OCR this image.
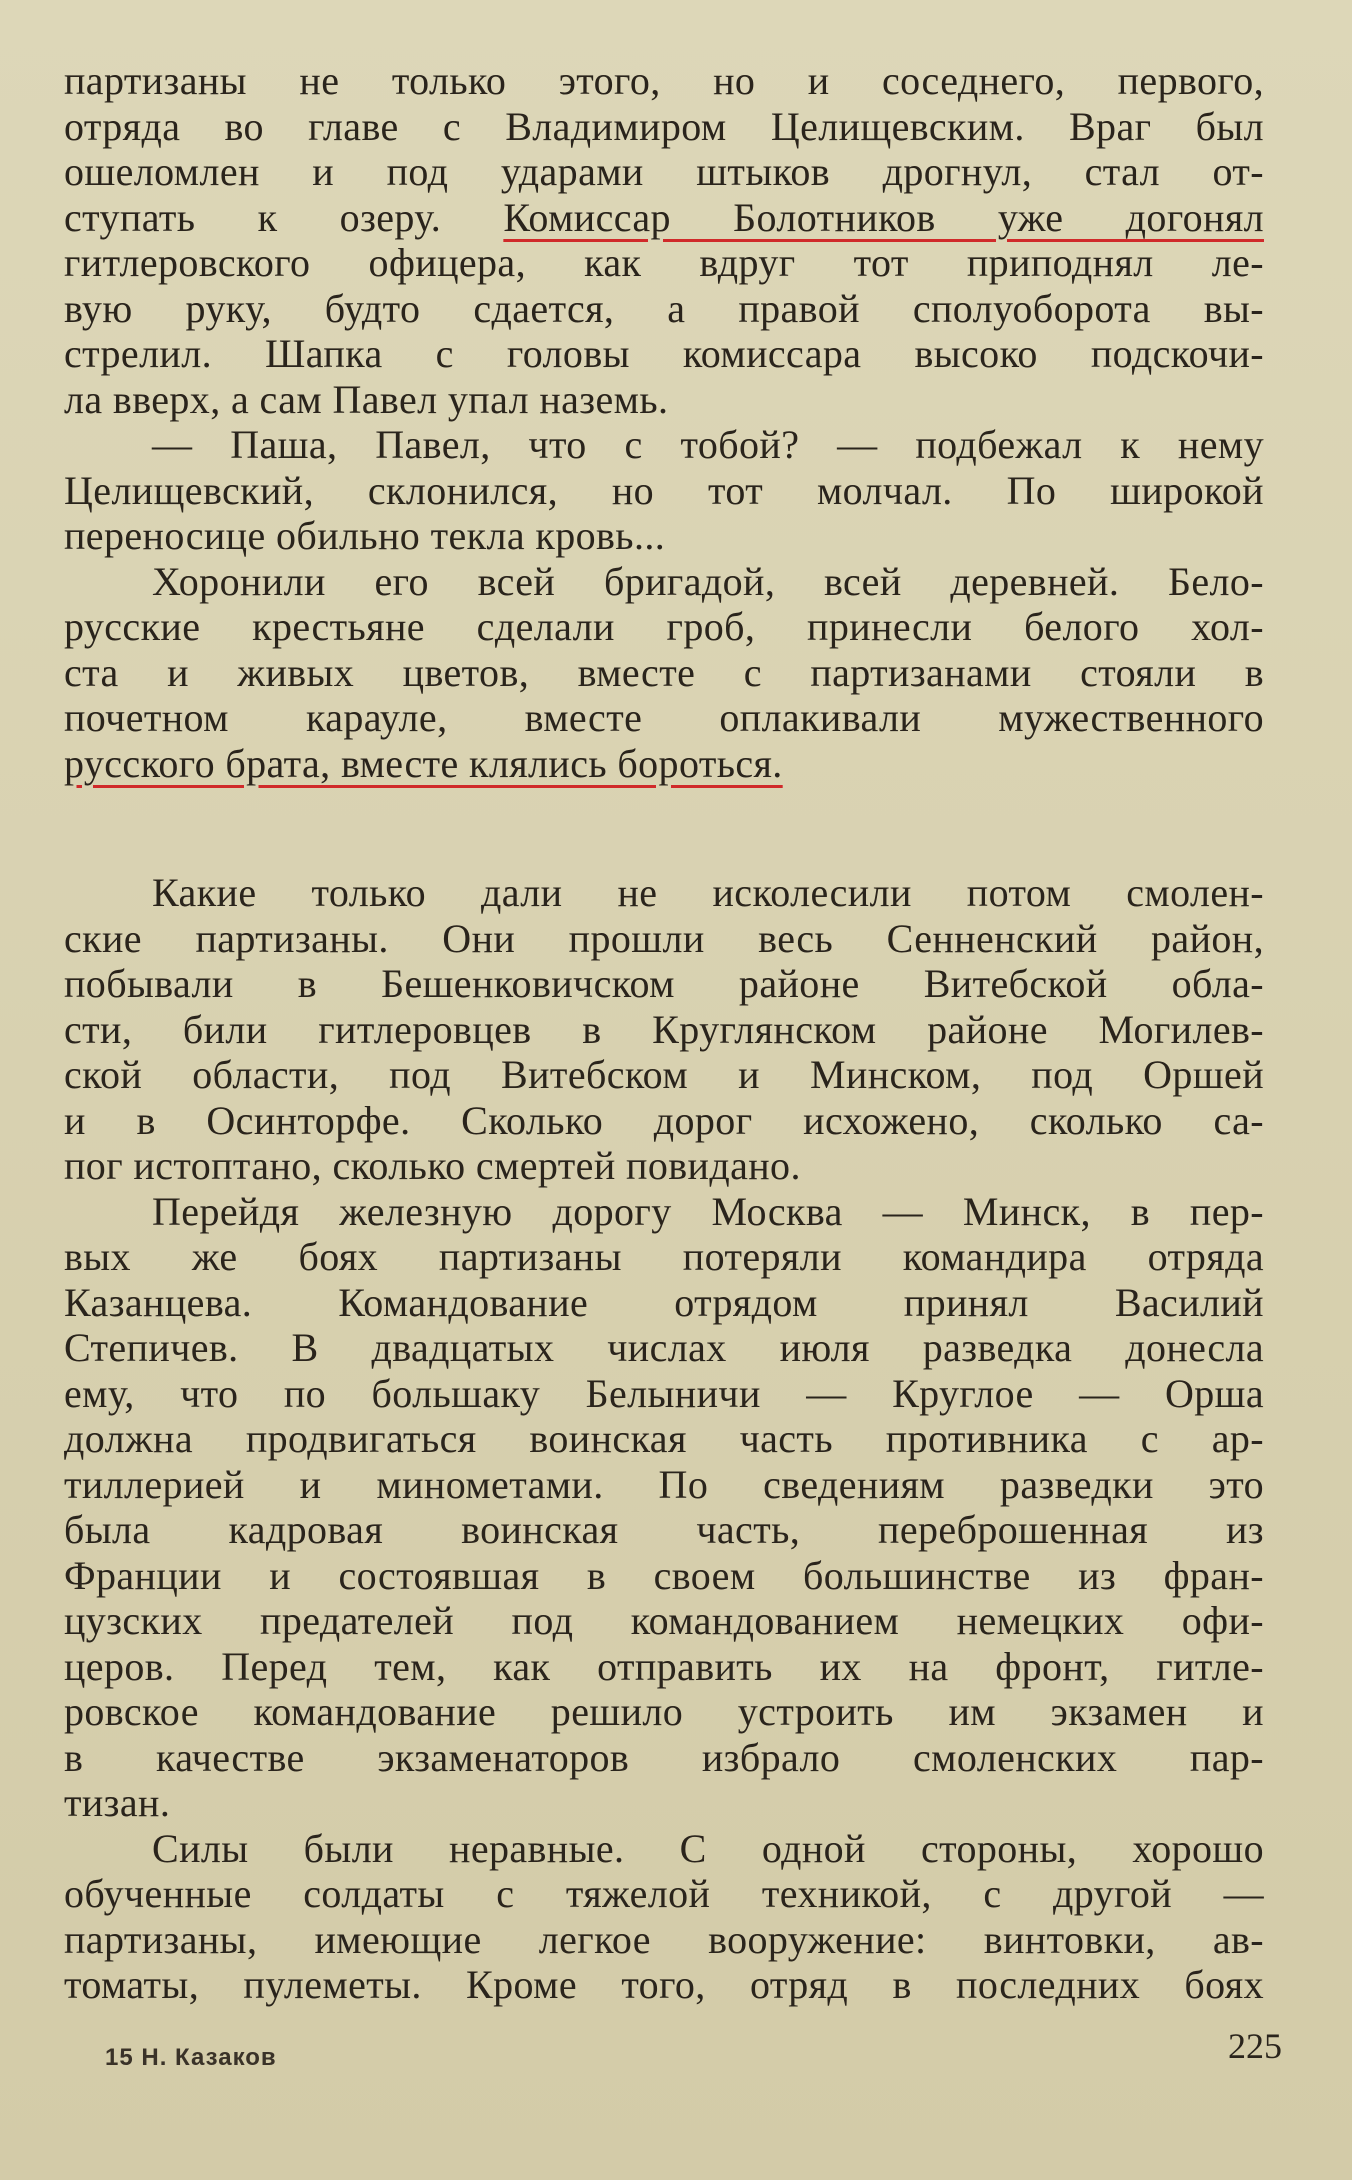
партизаны не только этого, но и соседнего, первого,
отряда во главе с Владимиром Целищевским. Враг был
ошеломлен и под ударами штыков дрогнул, стал от-
ступать к озеру. Комиссар Болотников уже догонял
гитлеровского офицера, как вдруг тот приподнял ле-
вую руку, будто сдается, а правой сполуоборота вы-
стрелил. Шапка с головы комиссара высоко подскочи-
ла вверх, а сам Павел упал наземь.
— Паша, Павел, что с тобой? — подбежал к нему
Целищевский, склонился, но тот молчал. По широкой
переносице обильно текла кровь...
Хоронили его всей бригадой, всей деревней. Бело-
русские крестьяне сделали гроб, принесли белого хол-
ста и живых цветов, вместе с партизанами стояли в
почетном карауле, вместе оплакивали мужественного
русского брата, вместе клялись бороться.
Какие только дали не исколесили потом смолен-
ские партизаны. Они прошли весь Сенненский район,
побывали в Бешенковичском районе Витебской обла-
сти, били гитлеровцев в Круглянском районе Могилев-
ской области, под Витебском и Минском, под Оршей
и в Осинторфе. Сколько дорог исхожено, сколько са-
пог истоптано, сколько смертей повидано.
Перейдя железную дорогу Москва — Минск, в пер-
вых же боях партизаны потеряли командира отряда
Казанцева. Командование отрядом принял Василий
Степичев. В двадцатых числах июля разведка донесла
ему, что по большаку Белыничи — Круглое — Орша
должна продвигаться воинская часть противника с ар-
тиллерией и минометами. По сведениям разведки это
была кадровая воинская часть, переброшенная из
Франции и состоявшая в своем большинстве из фран-
цузских предателей под командованием немецких офи-
церов. Перед тем, как отправить их на фронт, гитле-
ровское командование решило устроить им экзамен и
в качестве экзаменаторов избрало смоленских пар-
тизан.
Силы были неравные. С одной стороны, хорошо
обученные солдаты с тяжелой техникой, с другой —
партизаны, имеющие легкое вооружение: винтовки, ав-
томаты, пулеметы. Кроме того, отряд в последних боях
15 Н. Казаков	225
